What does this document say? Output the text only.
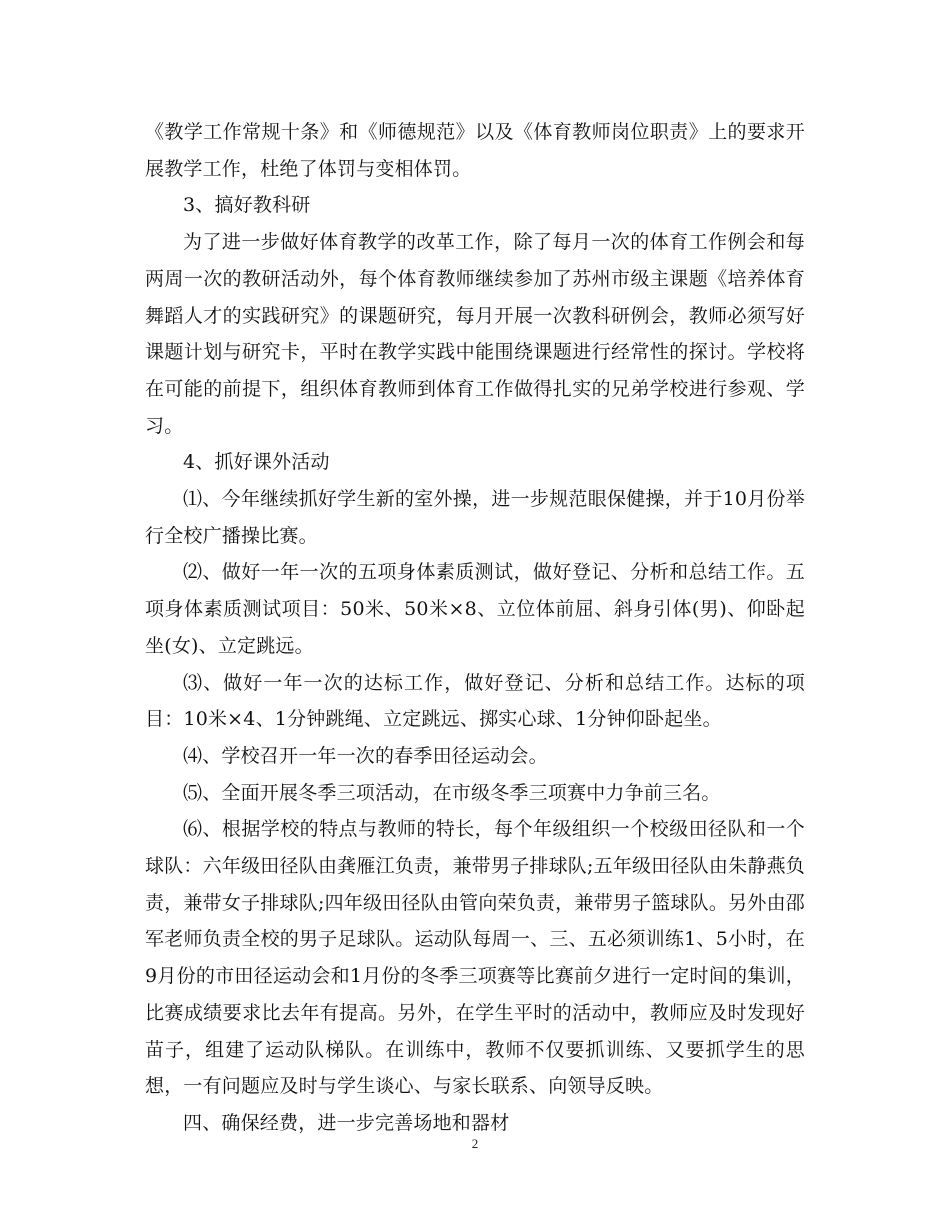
《教学工作常规十条》和《师德规范》以及《体育教师岗位职责》上的要求开展教学工作，杜绝了体罚与变相体罚。

3、搞好教科研

为了进一步做好体育教学的改革工作，除了每月一次的体育工作例会和每两周一次的教研活动外，每个体育教师继续参加了苏州市级主课题《培养体育舞蹈人才的实践研究》的课题研究，每月开展一次教科研例会，教师必须写好课题计划与研究卡，平时在教学实践中能围绕课题进行经常性的探讨。学校将在可能的前提下，组织体育教师到体育工作做得扎实的兄弟学校进行参观、学习。

4、抓好课外活动

⑴、今年继续抓好学生新的室外操，进一步规范眼保健操，并于10月份举行全校广播操比赛。

⑵、做好一年一次的五项身体素质测试，做好登记、分析和总结工作。五项身体素质测试项目：50米、50米×8、立位体前屈、斜身引体(男)、仰卧起坐(女)、立定跳远。

⑶、做好一年一次的达标工作，做好登记、分析和总结工作。达标的项目：10米×4、1分钟跳绳、立定跳远、掷实心球、1分钟仰卧起坐。

⑷、学校召开一年一次的春季田径运动会。

⑸、全面开展冬季三项活动，在市级冬季三项赛中力争前三名。

⑹、根据学校的特点与教师的特长，每个年级组织一个校级田径队和一个球队：六年级田径队由龚雁江负责，兼带男子排球队;五年级田径队由朱静燕负责，兼带女子排球队;四年级田径队由管向荣负责，兼带男子篮球队。另外由邵军老师负责全校的男子足球队。运动队每周一、三、五必须训练1、5小时，在9月份的市田径运动会和1月份的冬季三项赛等比赛前夕进行一定时间的集训，比赛成绩要求比去年有提高。另外，在学生平时的活动中，教师应及时发现好苗子，组建了运动队梯队。在训练中，教师不仅要抓训练、又要抓学生的思想，一有问题应及时与学生谈心、与家长联系、向领导反映。

四、确保经费，进一步完善场地和器材

2
